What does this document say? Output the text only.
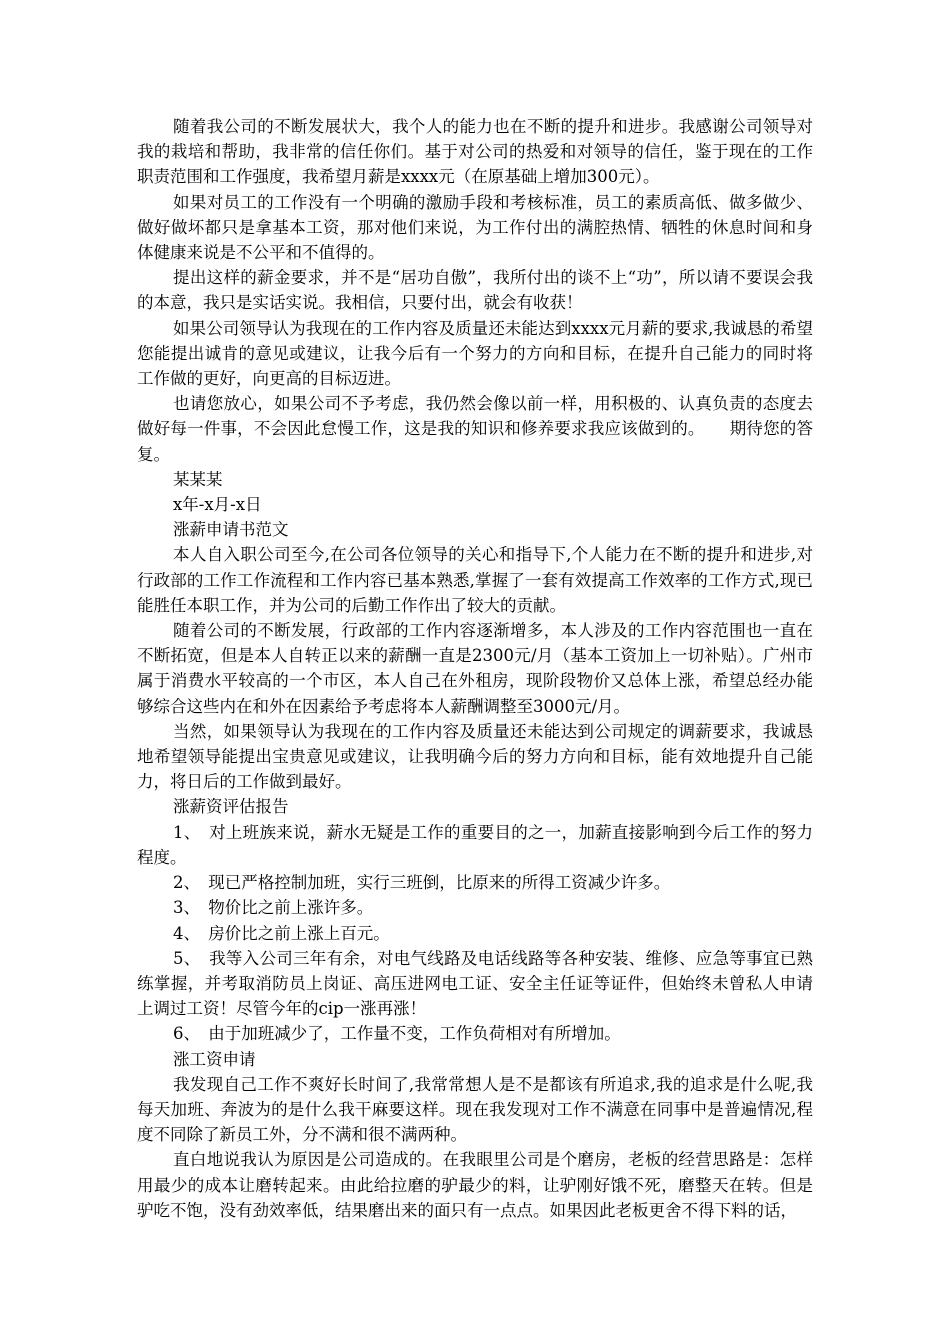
随着我公司的不断发展状大，我个人的能力也在不断的提升和进步。我感谢公司领导对我的栽培和帮助，我非常的信任你们。基于对公司的热爱和对领导的信任，鉴于现在的工作职责范围和工作强度，我希望月薪是xxxx元（在原基础上增加300元）。

如果对员工的工作没有一个明确的激励手段和考核标准，员工的素质高低、做多做少、做好做坏都只是拿基本工资，那对他们来说，为工作付出的满腔热情、牺牲的休息时间和身体健康来说是不公平和不值得的。

提出这样的薪金要求，并不是“居功自傲”，我所付出的谈不上“功”，所以请不要误会我的本意，我只是实话实说。我相信，只要付出，就会有收获！

如果公司领导认为我现在的工作内容及质量还未能达到xxxx元月薪的要求,我诚恳的希望您能提出诚肯的意见或建议，让我今后有一个努力的方向和目标，在提升自己能力的同时将工作做的更好，向更高的目标迈进。

也请您放心，如果公司不予考虑，我仍然会像以前一样，用积极的、认真负责的态度去做好每一件事，不会因此怠慢工作，这是我的知识和修养要求我应该做到的。　　期待您的答复。

某某某

x年-x月-x日

涨薪申请书范文

本人自入职公司至今,在公司各位领导的关心和指导下,个人能力在不断的提升和进步,对行政部的工作工作流程和工作内容已基本熟悉,掌握了一套有效提高工作效率的工作方式,现已能胜任本职工作，并为公司的后勤工作作出了较大的贡献。

随着公司的不断发展，行政部的工作内容逐渐增多，本人涉及的工作内容范围也一直在不断拓宽，但是本人自转正以来的薪酬一直是2300元/月（基本工资加上一切补贴）。广州市属于消费水平较高的一个市区，本人自己在外租房，现阶段物价又总体上涨，希望总经办能够综合这些内在和外在因素给予考虑将本人薪酬调整至3000元/月。

当然，如果领导认为我现在的工作内容及质量还未能达到公司规定的调薪要求，我诚恳地希望领导能提出宝贵意见或建议，让我明确今后的努力方向和目标，能有效地提升自己能力，将日后的工作做到最好。

涨薪资评估报告

1、　对上班族来说，薪水无疑是工作的重要目的之一，加薪直接影响到今后工作的努力程度。

2、　现已严格控制加班，实行三班倒，比原来的所得工资减少许多。

3、　物价比之前上涨许多。

4、　房价比之前上涨上百元。

5、　我等入公司三年有余，对电气线路及电话线路等各种安装、维修、应急等事宜已熟练掌握，并考取消防员上岗证、高压进网电工证、安全主任证等证件，但始终未曾私人申请上调过工资！尽管今年的cip一涨再涨！

6、　由于加班减少了，工作量不变，工作负荷相对有所增加。

涨工资申请

我发现自己工作不爽好长时间了,我常常想人是不是都该有所追求,我的追求是什么呢,我每天加班、奔波为的是什么我干麻要这样。现在我发现对工作不满意在同事中是普遍情况,程度不同除了新员工外，分不满和很不满两种。

直白地说我认为原因是公司造成的。在我眼里公司是个磨房，老板的经营思路是：怎样用最少的成本让磨转起来。由此给拉磨的驴最少的料，让驴刚好饿不死，磨整天在转。但是驴吃不饱，没有劲效率低，结果磨出来的面只有一点点。如果因此老板更舍不得下料的话，
